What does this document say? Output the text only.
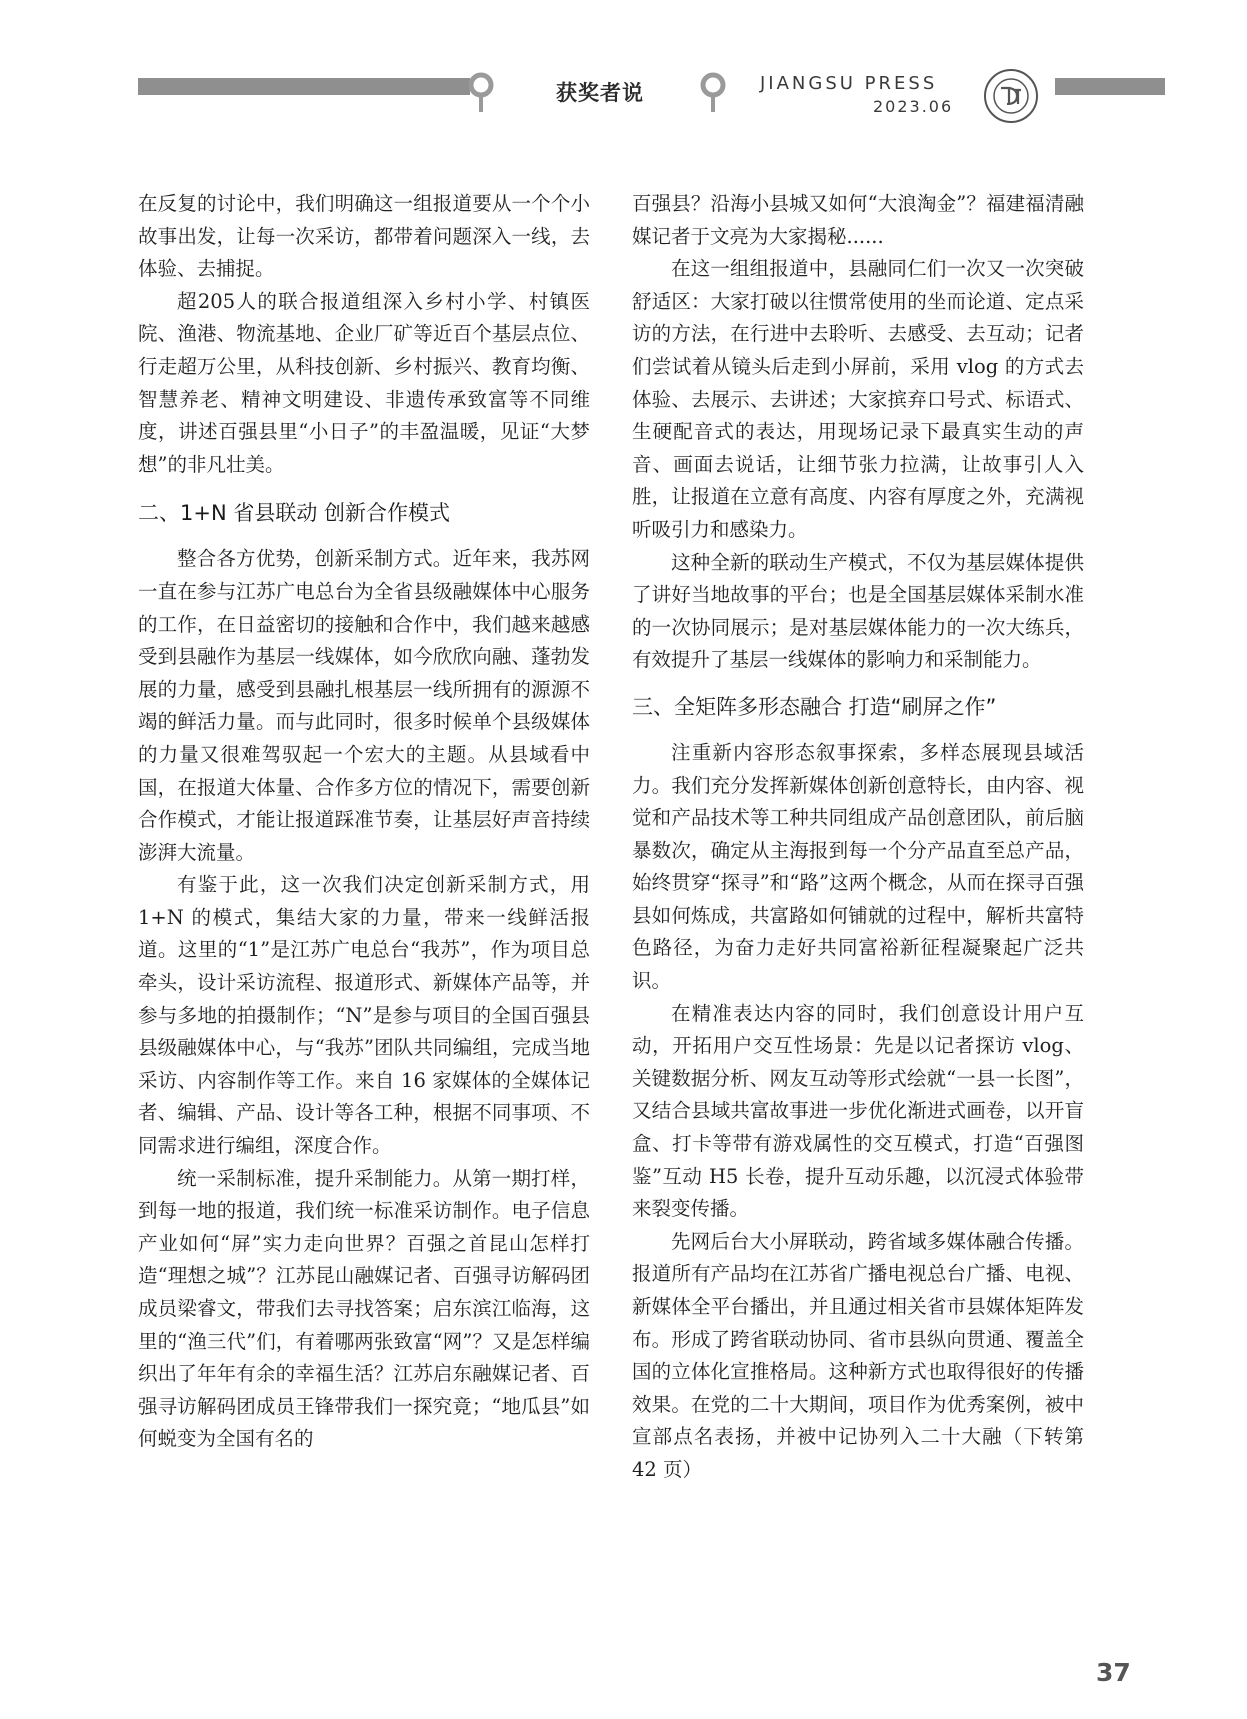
获奖者说	JIANGSU PRESS
2023.06

在反复的讨论中，我们明确这一组报道要从一个个小故事出发，让每一次采访，都带着问题深入一线，去体验、去捕捉。

超205人的联合报道组深入乡村小学、村镇医院、渔港、物流基地、企业厂矿等近百个基层点位、行走超万公里，从科技创新、乡村振兴、教育均衡、智慧养老、精神文明建设、非遗传承致富等不同维度，讲述百强县里“小日子”的丰盈温暖，见证“大梦想”的非凡壮美。

二、1+N 省县联动 创新合作模式

整合各方优势，创新采制方式。近年来，我苏网一直在参与江苏广电总台为全省县级融媒体中心服务的工作，在日益密切的接触和合作中，我们越来越感受到县融作为基层一线媒体，如今欣欣向融、蓬勃发展的力量，感受到县融扎根基层一线所拥有的源源不竭的鲜活力量。而与此同时，很多时候单个县级媒体的力量又很难驾驭起一个宏大的主题。从县域看中国，在报道大体量、合作多方位的情况下，需要创新合作模式，才能让报道踩准节奏，让基层好声音持续澎湃大流量。

有鉴于此，这一次我们决定创新采制方式，用 1+N 的模式，集结大家的力量，带来一线鲜活报道。这里的“1”是江苏广电总台“我苏”，作为项目总牵头，设计采访流程、报道形式、新媒体产品等，并参与多地的拍摄制作；“N”是参与项目的全国百强县县级融媒体中心，与“我苏”团队共同编组，完成当地采访、内容制作等工作。来自 16 家媒体的全媒体记者、编辑、产品、设计等各工种，根据不同事项、不同需求进行编组，深度合作。

统一采制标准，提升采制能力。从第一期打样，到每一地的报道，我们统一标准采访制作。电子信息产业如何“屏”实力走向世界？百强之首昆山怎样打造“理想之城”？江苏昆山融媒记者、百强寻访解码团成员梁睿文，带我们去寻找答案；启东滨江临海，这里的“渔三代”们，有着哪两张致富“网”？又是怎样编织出了年年有余的幸福生活？江苏启东融媒记者、百强寻访解码团成员王锋带我们一探究竟；“地瓜县”如何蜕变为全国有名的

百强县？沿海小县城又如何“大浪淘金”？福建福清融媒记者于文亮为大家揭秘......

在这一组组报道中，县融同仁们一次又一次突破舒适区：大家打破以往惯常使用的坐而论道、定点采访的方法，在行进中去聆听、去感受、去互动；记者们尝试着从镜头后走到小屏前，采用 vlog 的方式去体验、去展示、去讲述；大家摈弃口号式、标语式、生硬配音式的表达，用现场记录下最真实生动的声音、画面去说话，让细节张力拉满，让故事引人入胜，让报道在立意有高度、内容有厚度之外，充满视听吸引力和感染力。

这种全新的联动生产模式，不仅为基层媒体提供了讲好当地故事的平台；也是全国基层媒体采制水准的一次协同展示；是对基层媒体能力的一次大练兵，有效提升了基层一线媒体的影响力和采制能力。

三、全矩阵多形态融合 打造“刷屏之作”

注重新内容形态叙事探索，多样态展现县域活力。我们充分发挥新媒体创新创意特长，由内容、视觉和产品技术等工种共同组成产品创意团队，前后脑暴数次，确定从主海报到每一个分产品直至总产品，始终贯穿“探寻”和“路”这两个概念，从而在探寻百强县如何炼成，共富路如何铺就的过程中，解析共富特色路径，为奋力走好共同富裕新征程凝聚起广泛共识。

在精准表达内容的同时，我们创意设计用户互动，开拓用户交互性场景：先是以记者探访 vlog、关键数据分析、网友互动等形式绘就“一县一长图”，又结合县域共富故事进一步优化渐进式画卷，以开盲盒、打卡等带有游戏属性的交互模式，打造“百强图鉴”互动 H5 长卷，提升互动乐趣，以沉浸式体验带来裂变传播。

先网后台大小屏联动，跨省域多媒体融合传播。报道所有产品均在江苏省广播电视总台广播、电视、新媒体全平台播出，并且通过相关省市县媒体矩阵发布。形成了跨省联动协同、省市县纵向贯通、覆盖全国的立体化宣推格局。这种新方式也取得很好的传播效果。在党的二十大期间，项目作为优秀案例，被中宣部点名表扬，并被中记协列入二十大融（下转第 42 页）

37
